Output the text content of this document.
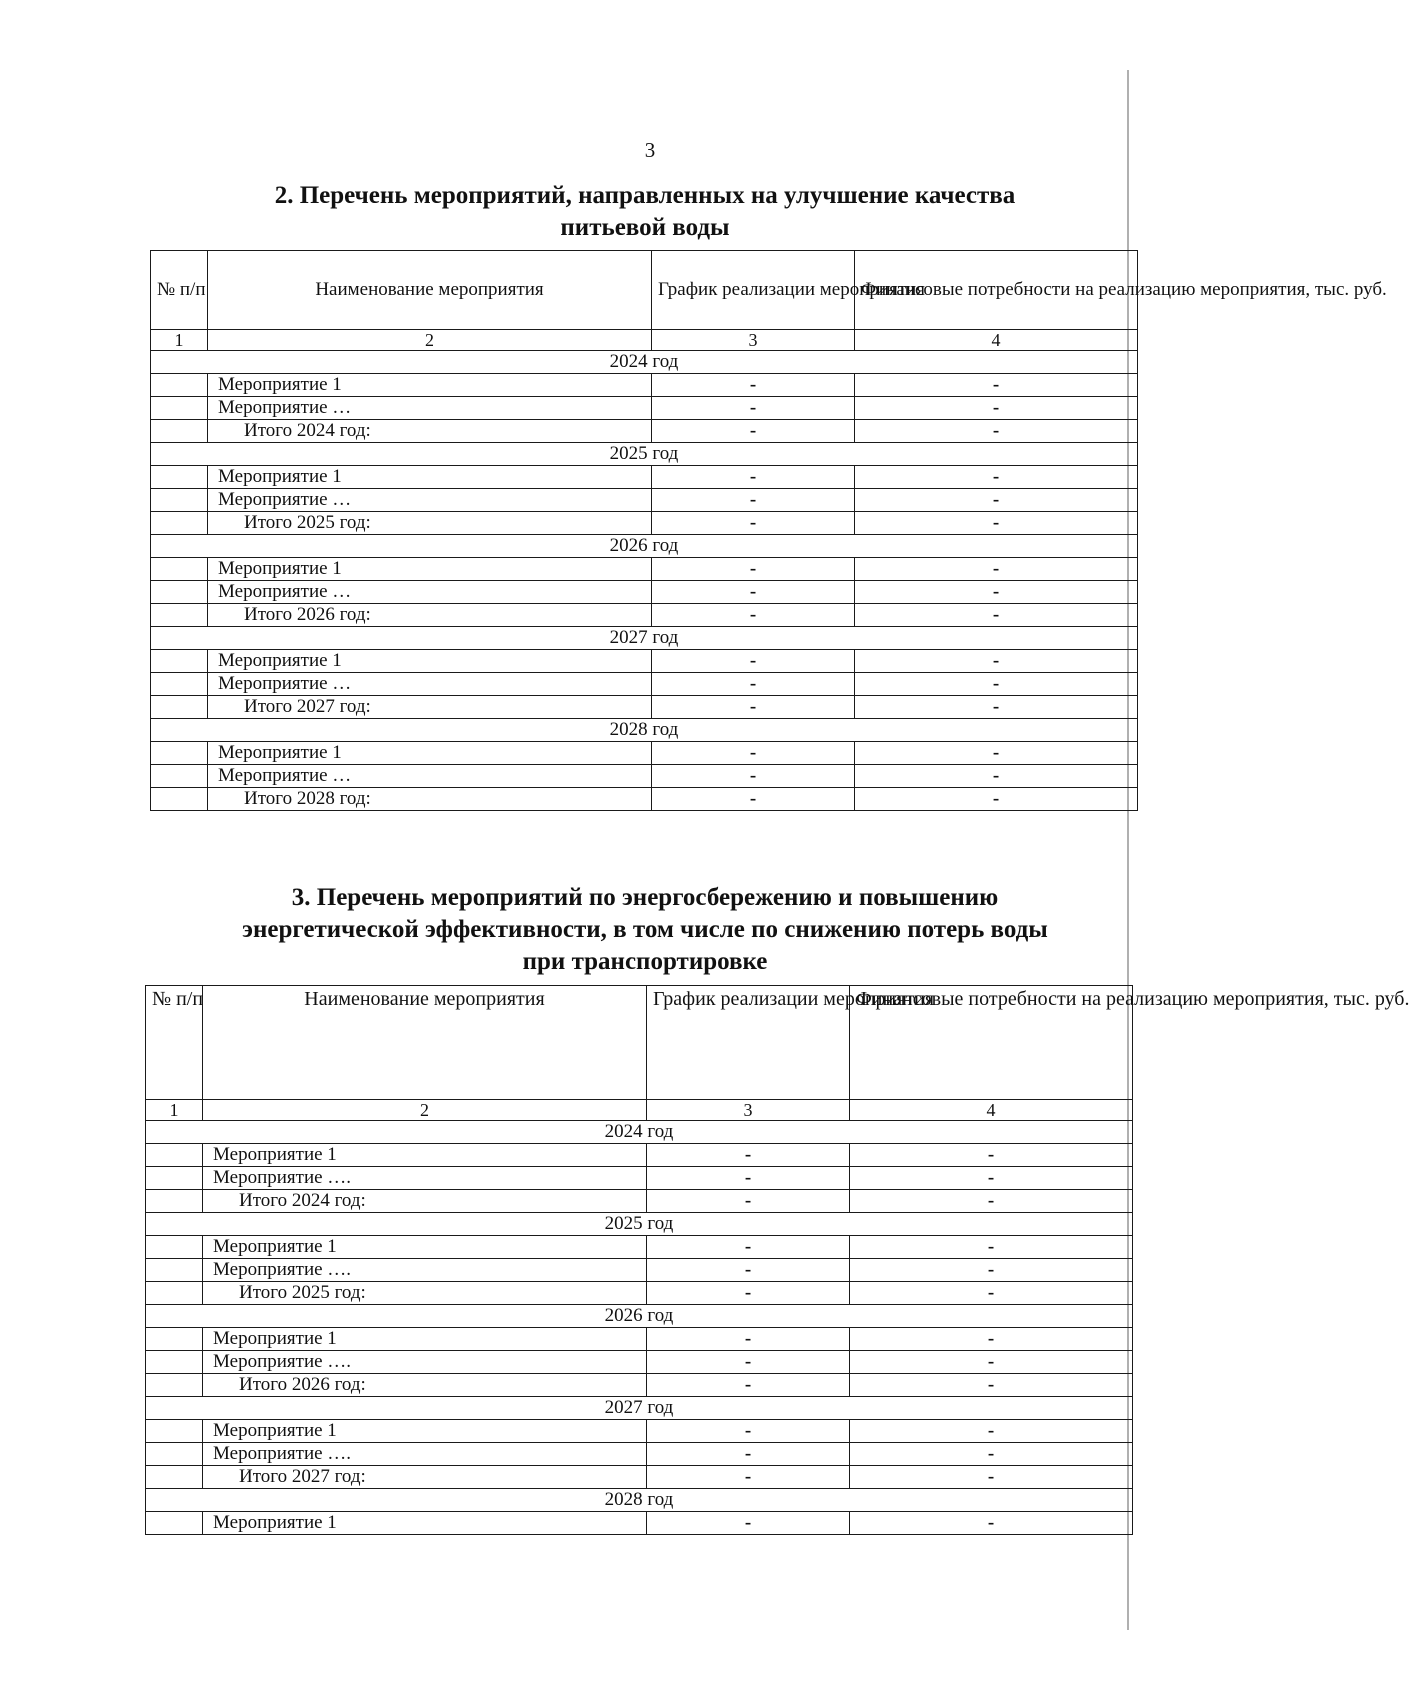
3
2. Перечень мероприятий, направленных на улучшение качества
питьевой воды
№ п/п	Наименование мероприятия	График реализации мероприятия	Финансовые потребности на реализацию мероприятия, тыс. руб.
1	2	3	4
2024 год			
	Мероприятие 1	-	-
	Мероприятие …	-	-
	Итого 2024 год:	-	-
2025 год			
	Мероприятие 1	-	-
	Мероприятие …	-	-
	Итого 2025 год:	-	-
2026 год			
	Мероприятие 1	-	-
	Мероприятие …	-	-
	Итого 2026 год:	-	-
2027 год			
	Мероприятие 1	-	-
	Мероприятие …	-	-
	Итого 2027 год:	-	-
2028 год			
	Мероприятие 1	-	-
	Мероприятие …	-	-
	Итого 2028 год:	-	-
3. Перечень мероприятий по энергосбережению и повышению
энергетической эффективности, в том числе по снижению потерь воды
при транспортировке
№ п/п	Наименование мероприятия	График реализации мероприятия	Финансовые потребности на реализацию мероприятия, тыс. руб.
1	2	3	4
2024 год			
	Мероприятие 1	-	-
	Мероприятие ….	-	-
	Итого 2024 год:	-	-
2025 год			
	Мероприятие 1	-	-
	Мероприятие ….	-	-
	Итого 2025 год:	-	-
2026 год			
	Мероприятие 1	-	-
	Мероприятие ….	-	-
	Итого 2026 год:	-	-
2027 год			
	Мероприятие 1	-	-
	Мероприятие ….	-	-
	Итого 2027 год:	-	-
2028 год			
	Мероприятие 1	-	-
